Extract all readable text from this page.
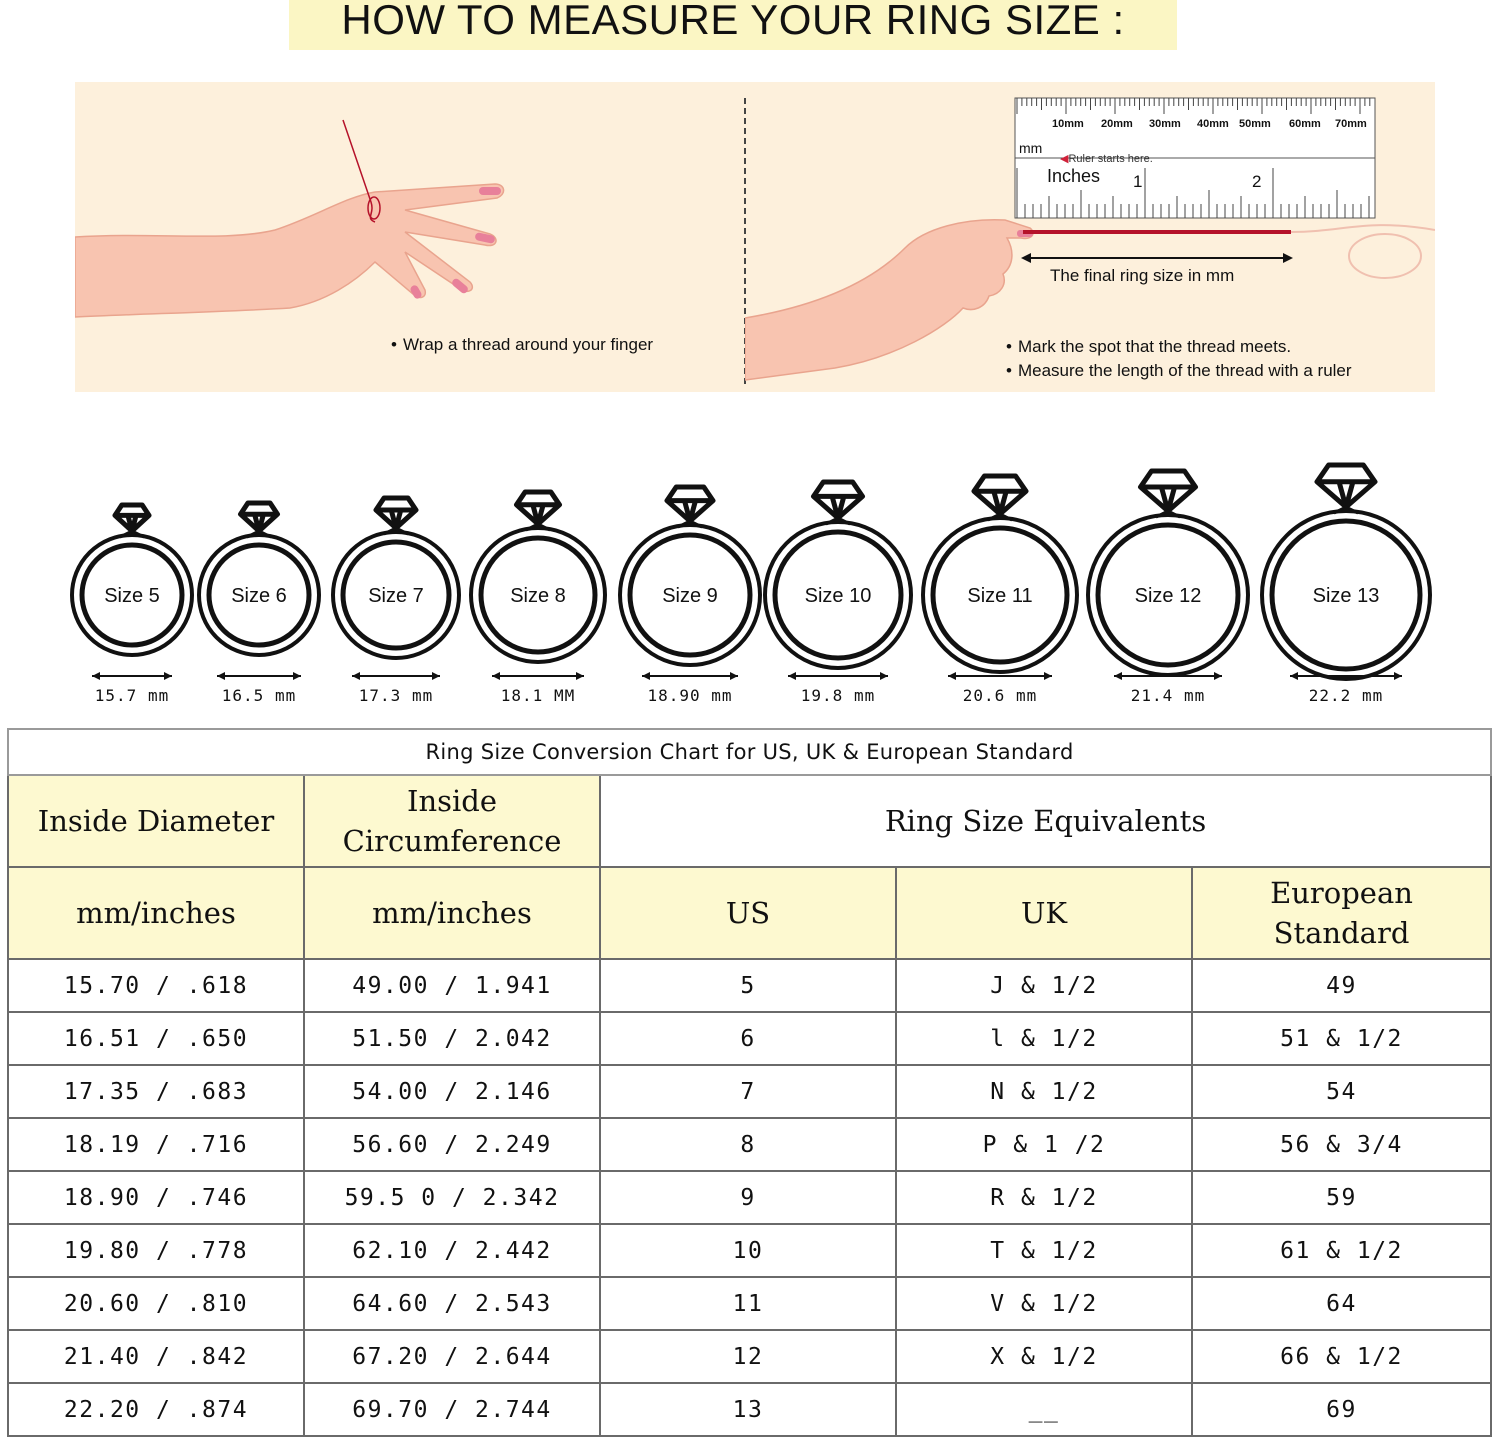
HOW TO MEASURE YOUR RING SIZE :
• Wrap a thread around your finger
10mm 20mm 30mm 40mm 50mm 60mm 70mm
mm
◀Ruler starts here.
Inches 1	2
The final ring size in mm
• Mark the spot that the thread meets.
• Measure the length of the thread with a ruler
Size 5
15.7 mm
Size 6
16.5 mm
Size 7
17.3 mm
Size 8
18.1 MM
Size 9
18.90 mm
Size 10
19.8 mm
Size 11
20.6 mm
Size 12
21.4 mm
Size 13
22.2 mm
Ring Size Conversion Chart for US, UK & European Standard				
Inside Diameter	Inside Circumference	Ring Size Equivalents		
mm/inches	mm/inches	US	UK	European Standard

15.70 / .618	49.00 / 1.941	5	J & 1/2	49
16.51 / .650	51.50 / 2.042	6	l & 1/2	51 & 1/2
17.35 / .683	54.00 / 2.146	7	N & 1/2	54
18.19 / .716	56.60 / 2.249	8	P & 1 /2	56 & 3/4
18.90 / .746	59.5 0 / 2.342	9	R & 1/2	59
19.80 / .778	62.10 / 2.442	10	T & 1/2	61 & 1/2
20.60 / .810	64.60 / 2.543	11	V & 1/2	64
21.40 / .842	67.20 / 2.644	12	X & 1/2	66 & 1/2
22.20 / .874	69.70 / 2.744	13	__	69
